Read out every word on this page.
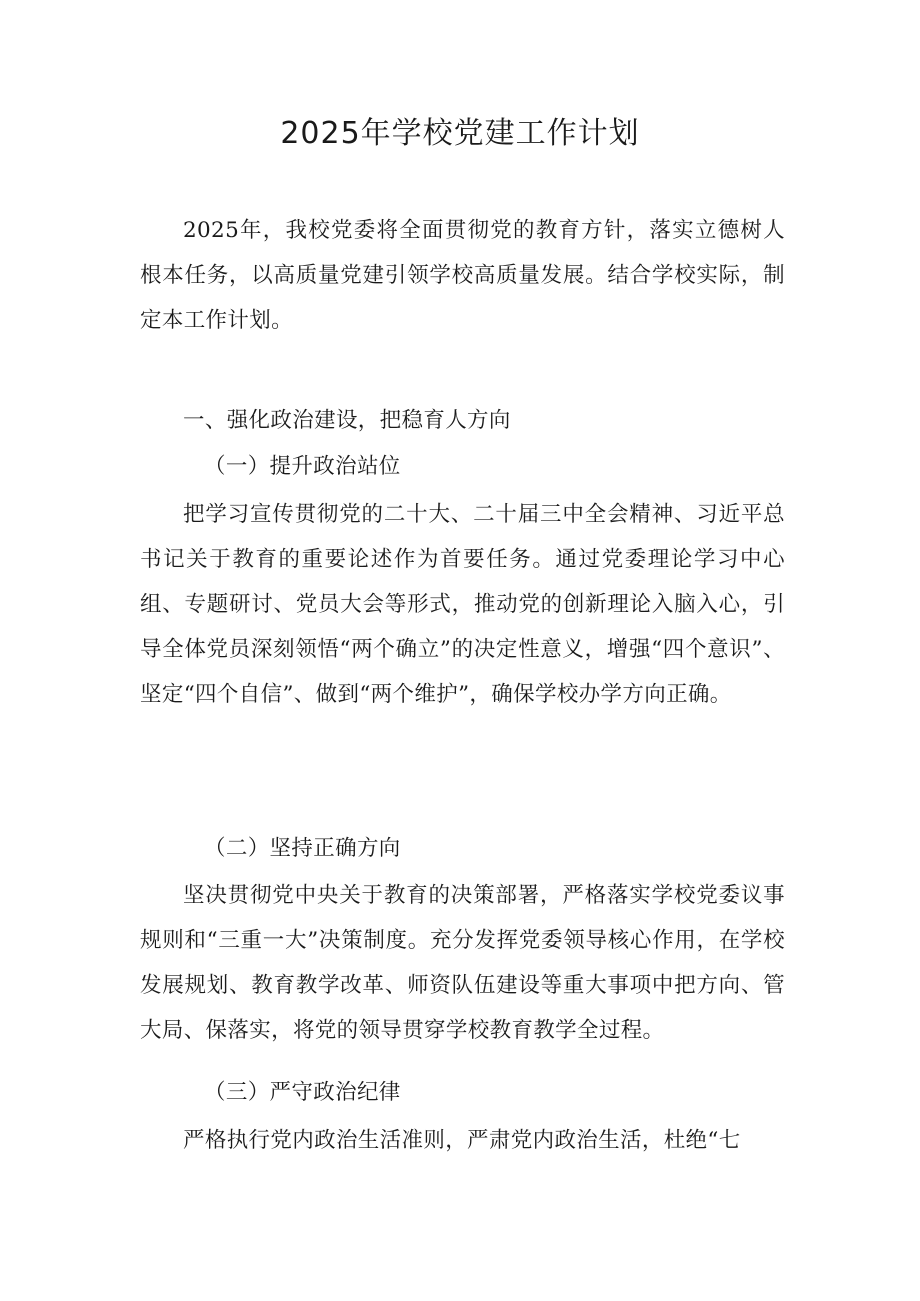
2025年学校党建工作计划

2025年，我校党委将全面贯彻党的教育方针，落实立德树人根本任务，以高质量党建引领学校高质量发展。结合学校实际，制定本工作计划。

一、强化政治建设，把稳育人方向

（一）提升政治站位

把学习宣传贯彻党的二十大、二十届三中全会精神、习近平总书记关于教育的重要论述作为首要任务。通过党委理论学习中心组、专题研讨、党员大会等形式，推动党的创新理论入脑入心，引导全体党员深刻领悟“两个确立”的决定性意义，增强“四个意识”、坚定“四个自信”、做到“两个维护”，确保学校办学方向正确。

（二）坚持正确方向

坚决贯彻党中央关于教育的决策部署，严格落实学校党委议事规则和“三重一大”决策制度。充分发挥党委领导核心作用，在学校发展规划、教育教学改革、师资队伍建设等重大事项中把方向、管大局、保落实，将党的领导贯穿学校教育教学全过程。

（三）严守政治纪律

严格执行党内政治生活准则，严肃党内政治生活，杜绝“七
